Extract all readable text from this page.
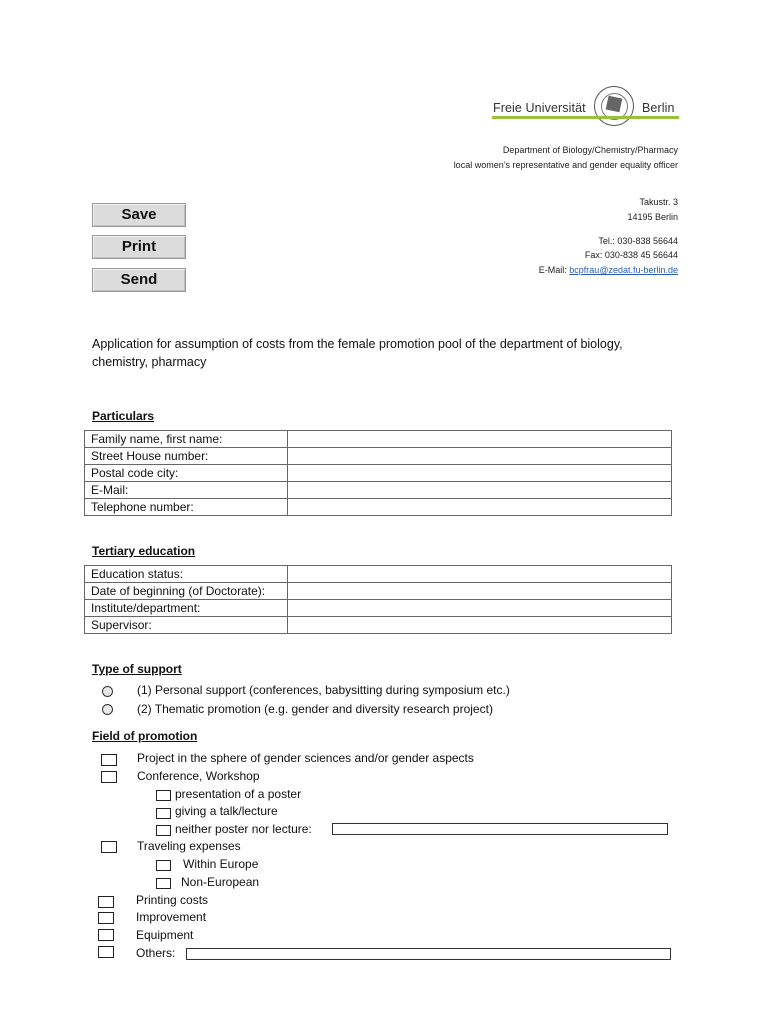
Freie Universität	Berlin
Department of Biology/Chemistry/Pharmacy
local women’s representative and gender equality officer
Takustr. 3
14195 Berlin
Tel.: 030-838 56644
Fax: 030-838 45 56644
E-Mail: bcpfrau@zedat.fu-berlin.de
Save
Print
Send
Application for assumption of costs from the female promotion pool of the department of biology, chemistry, pharmacy
Particulars
Family name, first name:	
Street House number:	
Postal code city:	
E-Mail:	
Telephone number:	
Tertiary education
Education status:	
Date of beginning (of Doctorate):	
Institute/department:	
Supervisor:	
Type of support
(1) Personal support (conferences, babysitting during symposium etc.)
(2) Thematic promotion (e.g. gender and diversity research project)
Field of promotion
Project in the sphere of gender sciences and/or gender aspects
Conference, Workshop
presentation of a poster
giving a talk/lecture
neither poster nor lecture:
Traveling expenses
Within Europe
Non-European
Printing costs
Improvement
Equipment
Others:
